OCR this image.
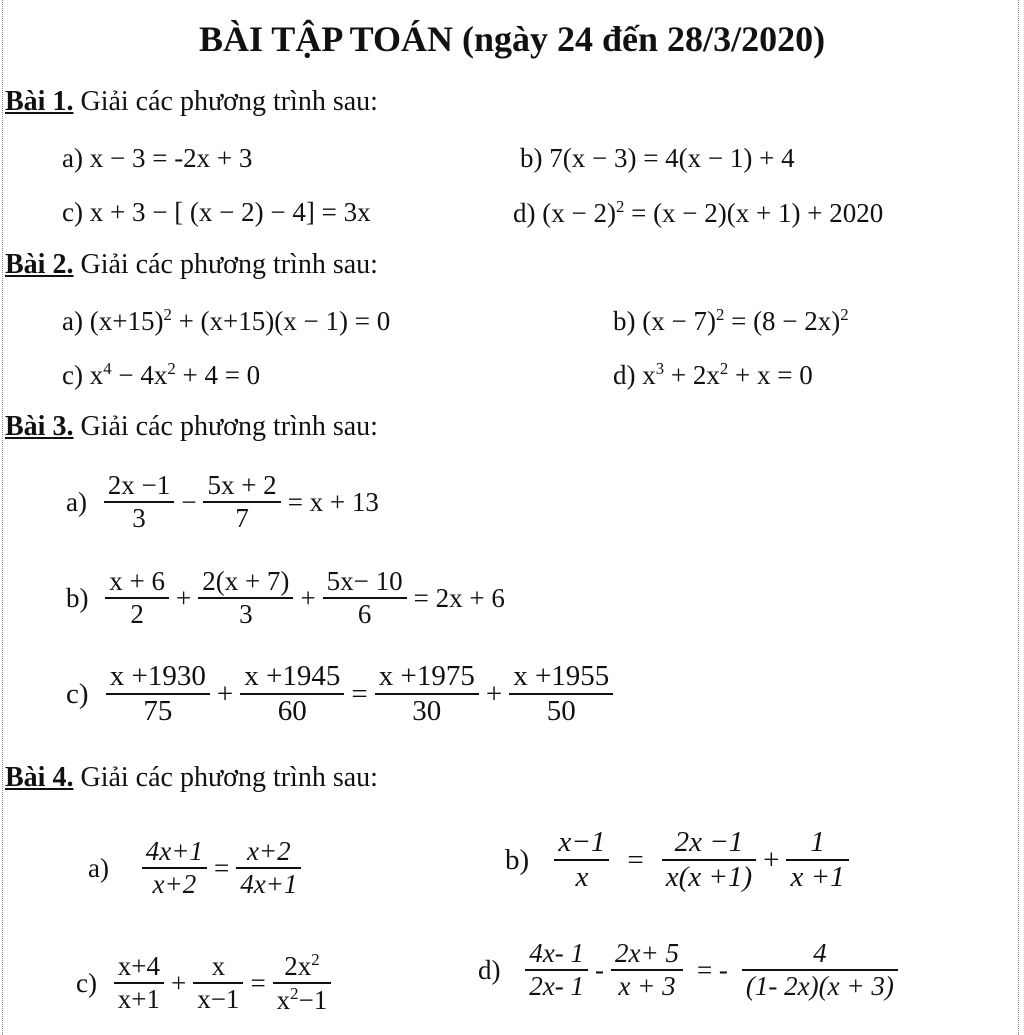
BÀI TẬP TOÁN (ngày 24 đến 28/3/2020)
Bài 1. Giải các phương trình sau:
a) x − 3 = -2x + 3	b) 7(x − 3) = 4(x − 1) + 4
c) x + 3 − [ (x − 2) − 4] = 3x	d) $(x - 2)^2 = (x - 2)(x + 1) + 2020$
Bài 2. Giải các phương trình sau:
a) $(x+15)^2 + (x+15)(x - 1) = 0$	b) $(x - 7)^2 = (8 - 2x)^2$
c) $x^4 - 4x^2 + 4 = 0$	d) $x^3 + 2x^2 + x = 0$
Bài 3. Giải các phương trình sau:
$a) \frac{2x -1}{3} - \frac{5x + 2}{7} = x + 13$
$b) \frac{x + 6}{2} + \frac{2(x + 7)}{3} + \frac{5x- 10}{6} = 2x + 6$
$c) \frac{x +1930}{75} + \frac{x +1945}{60} = \frac{x +1975}{30} + \frac{x +1955}{50}$
Bài 4. Giải các phương trình sau:
$a) \frac{4x+1}{x+2} = \frac{x+2}{4x+1}$	$b) \frac{x-1}{x} = \frac{2x -1}{x(x +1)} + \frac{1}{x +1}$
$c) \frac{x+4}{x+1} + \frac{x}{x-1} = \frac{2x^2}{x^2-1}$	$d) \frac{4x- 1}{2x- 1} - \frac{2x+ 5}{x + 3}$ = - $\frac{4}{(1- 2x)(x + 3)}$
